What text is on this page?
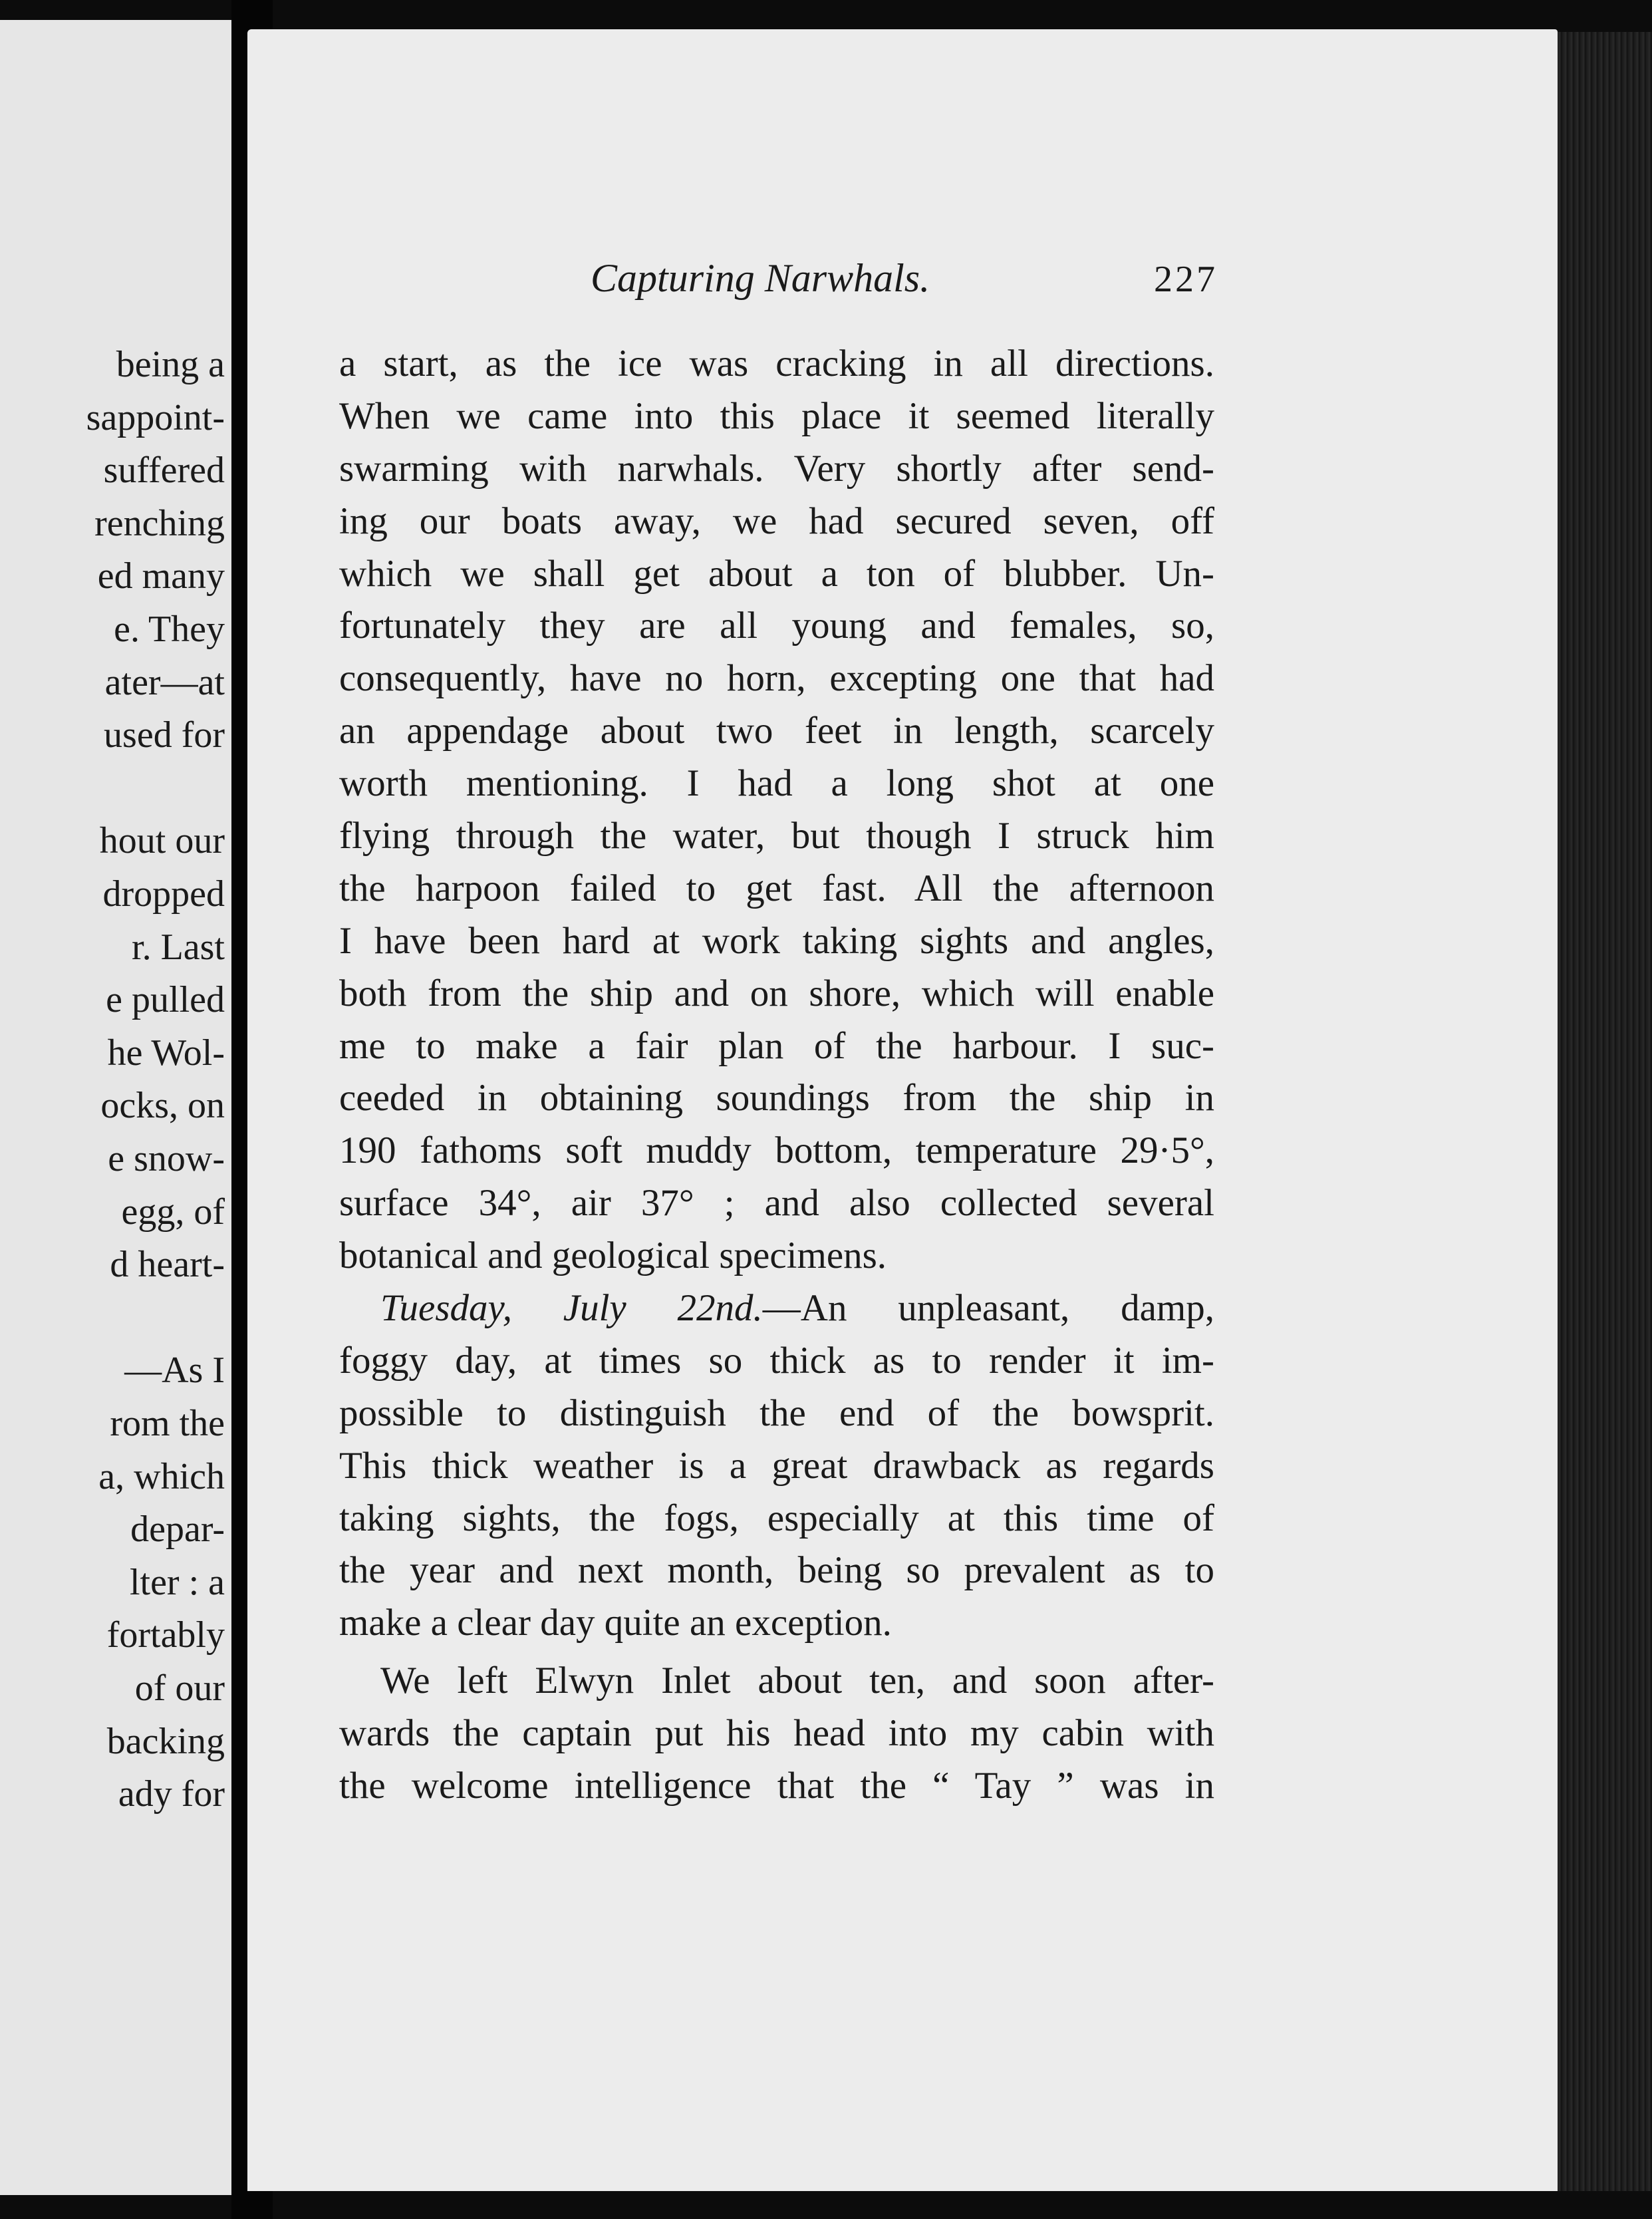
being a
sappoint-
suffered
renching
ed many
e. They
ater—at
used for
hout our
dropped
r. Last
e pulled
he Wol-
ocks, on
e snow-
egg, of
d heart-
—As I
rom the
a, which
depar-
lter : a
fortably
of our
backing
ady for
Capturing Narwhals.	227
a start, as the ice was cracking in all directions.
When we came into this place it seemed literally
swarming with narwhals. Very shortly after send-
ing our boats away, we had secured seven, off
which we shall get about a ton of blubber. Un-
fortunately they are all young and females, so,
consequently, have no horn, excepting one that had
an appendage about two feet in length, scarcely
worth mentioning. I had a long shot at one
flying through the water, but though I struck him
the harpoon failed to get fast. All the afternoon
I have been hard at work taking sights and angles,
both from the ship and on shore, which will enable
me to make a fair plan of the harbour. I suc-
ceeded in obtaining soundings from the ship in
190 fathoms soft muddy bottom, temperature 29·5°,
surface 34°, air 37° ; and also collected several
botanical and geological specimens.
Tuesday, July 22nd.—An unpleasant, damp,
foggy day, at times so thick as to render it im-
possible to distinguish the end of the bowsprit.
This thick weather is a great drawback as regards
taking sights, the fogs, especially at this time of
the year and next month, being so prevalent as to
make a clear day quite an exception.
We left Elwyn Inlet about ten, and soon after-
wards the captain put his head into my cabin with
the welcome intelligence that the “ Tay ” was in
